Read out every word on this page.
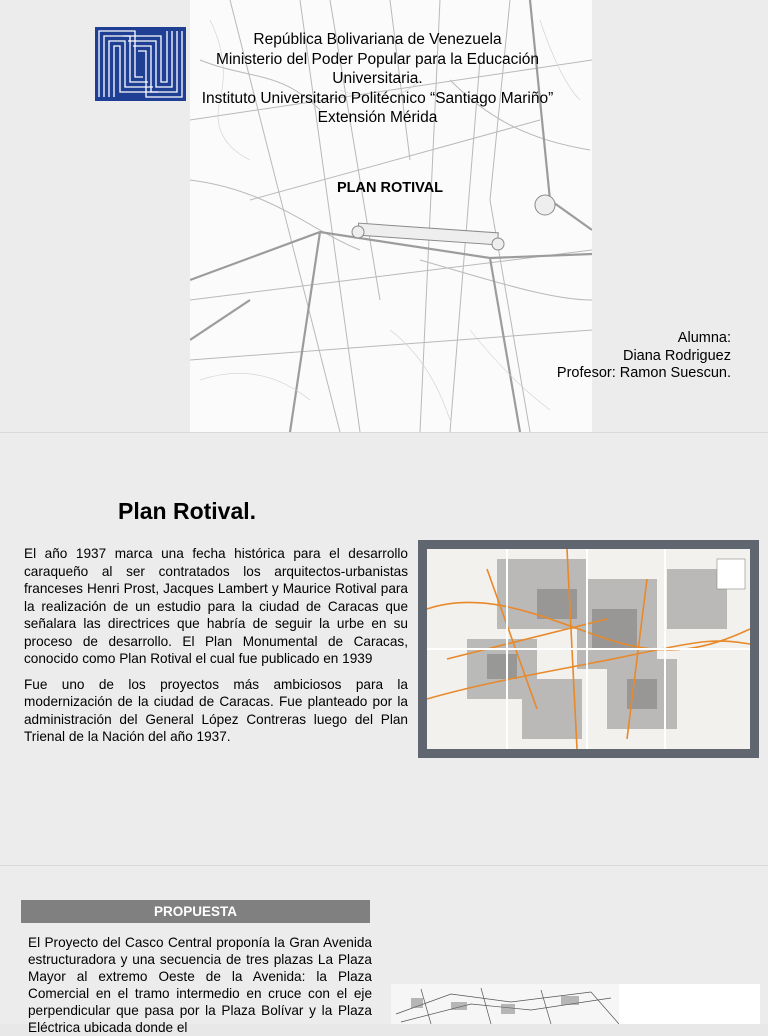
República Bolivariana de Venezuela
Ministerio del Poder Popular para la Educación
Universitaria.
Instituto Universitario Politécnico “Santiago Mariño”
Extensión Mérida
PLAN ROTIVAL
Alumna:
Diana Rodriguez
Profesor: Ramon Suescun.
Plan Rotival.

El año 1937 marca una fecha histórica para el desarrollo caraqueño al ser contratados los arquitectos-urbanistas franceses Henri Prost, Jacques Lambert y Maurice Rotival para la realización de un estudio para la ciudad de Caracas que señalara las directrices que habría de seguir la urbe en su proceso de desarrollo. El Plan Monumental de Caracas, conocido como Plan Rotival el cual fue publicado en 1939

Fue uno de los proyectos más ambiciosos para la modernización de la ciudad de Caracas. Fue planteado por la administración del General López Contreras luego del Plan Trienal de la Nación del año 1937.

PROPUESTA

El Proyecto del Casco Central proponía la Gran Avenida estructuradora y una secuencia de tres plazas La Plaza Mayor al extremo Oeste de la Avenida: la Plaza Comercial en el tramo intermedio en cruce con el eje perpendicular que pasa por la Plaza Bolívar y la Plaza Eléctrica ubicada donde el
